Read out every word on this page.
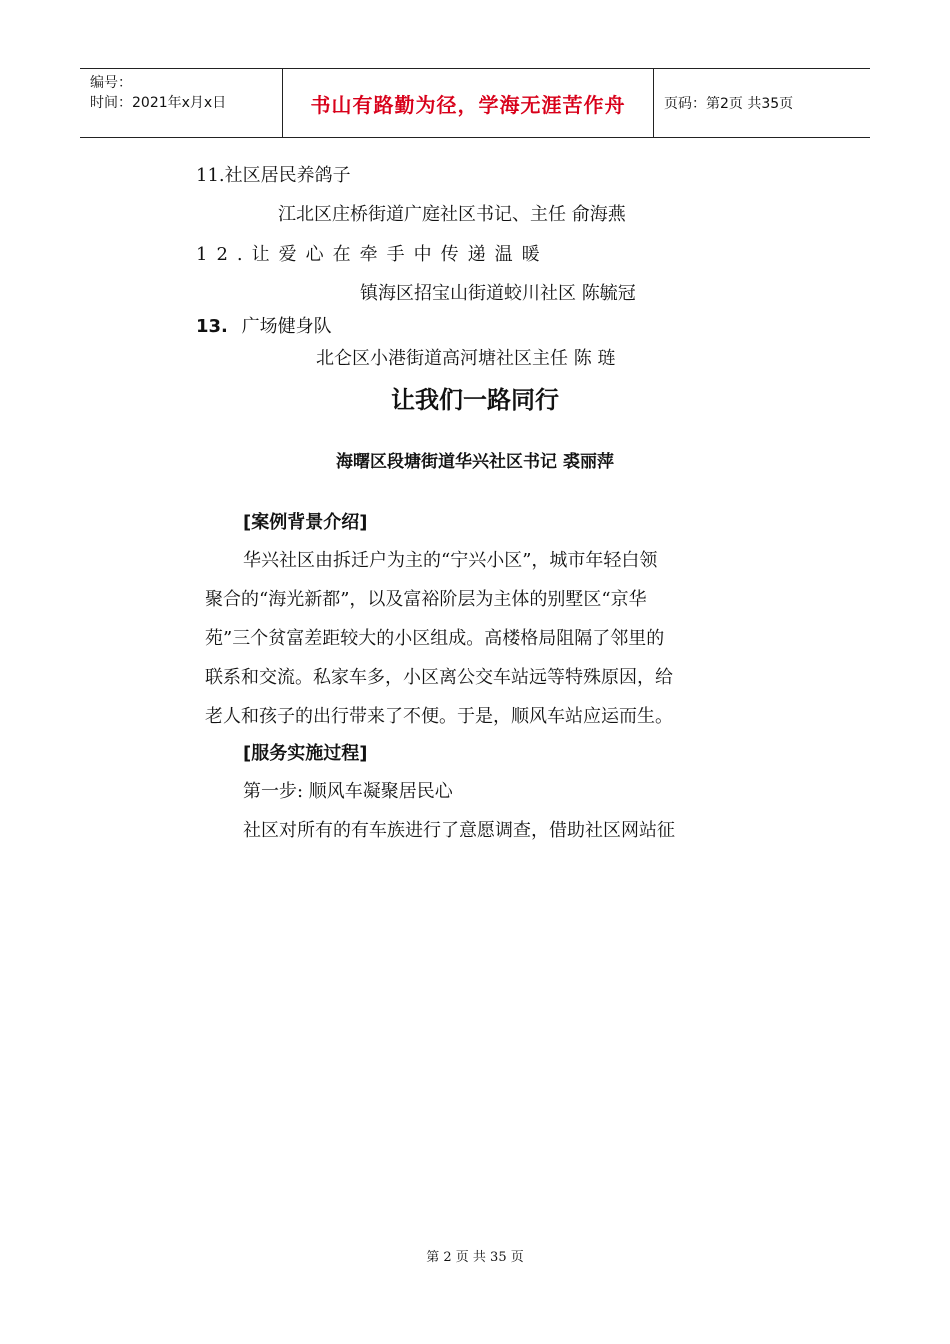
编号：
时间：2021年x月x日	书山有路勤为径，学海无涯苦作舟	页码：第2页 共35页
11.社区居民养鸽子
江北区庄桥街道广庭社区书记、主任 俞海燕
12.让爱心在牵手中传递温暖
镇海区招宝山街道蛟川社区 陈毓冠
13. 广场健身队
北仑区小港街道高河塘社区主任 陈 琏
让我们一路同行
海曙区段塘街道华兴社区书记 裘丽萍
[案例背景介绍]
华兴社区由拆迁户为主的“宁兴小区”，城市年轻白领
聚合的“海光新都”，以及富裕阶层为主体的别墅区“京华
苑”三个贫富差距较大的小区组成。高楼格局阻隔了邻里的
联系和交流。私家车多，小区离公交车站远等特殊原因，给
老人和孩子的出行带来了不便。于是，顺风车站应运而生。
[服务实施过程]
第一步: 顺风车凝聚居民心
社区对所有的有车族进行了意愿调查，借助社区网站征
第 2 页 共 35 页
